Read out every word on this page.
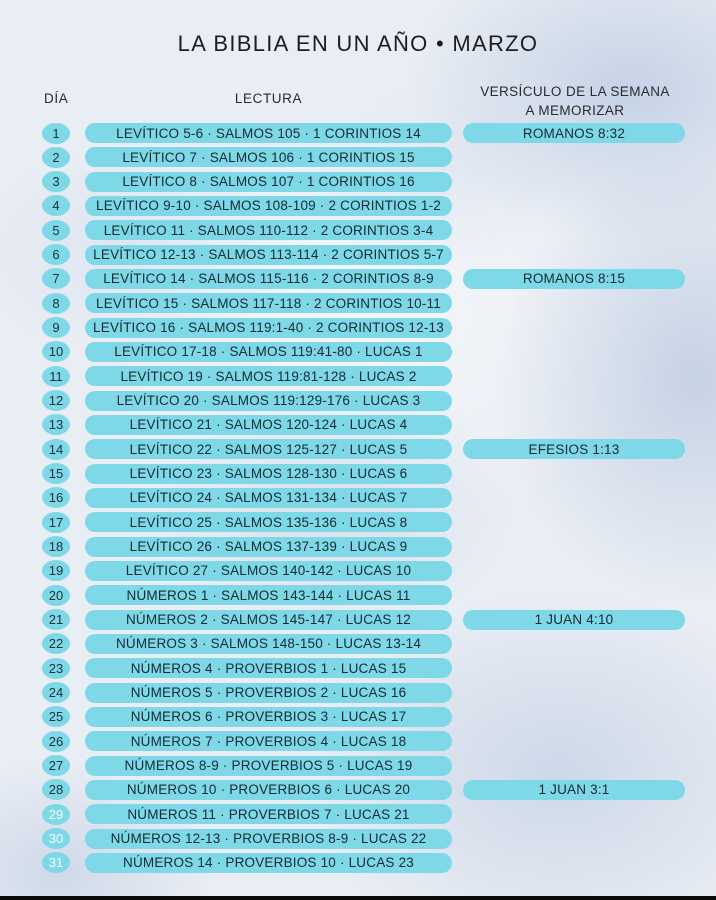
LA BIBLIA EN UN AÑO • MARZO
DÍA	LECTURA	VERSÍCULO DE LA SEMANA
A MEMORIZAR
1	LEVÍTICO 5-6 · SALMOS 105 · 1 CORINTIOS 14	ROMANOS 8:32
2	LEVÍTICO 7 · SALMOS 106 · 1 CORINTIOS 15
3	LEVÍTICO 8 · SALMOS 107 · 1 CORINTIOS 16
4	LEVÍTICO 9-10 · SALMOS 108-109 · 2 CORINTIOS 1-2
5	LEVÍTICO 11 · SALMOS 110-112 · 2 CORINTIOS 3-4
6	LEVÍTICO 12-13 · SALMOS 113-114 · 2 CORINTIOS 5-7
7	LEVÍTICO 14 · SALMOS 115-116 · 2 CORINTIOS 8-9	ROMANOS 8:15
8	LEVÍTICO 15 · SALMOS 117-118 · 2 CORINTIOS 10-11
9	LEVÍTICO 16 · SALMOS 119:1-40 · 2 CORINTIOS 12-13
10	LEVÍTICO 17-18 · SALMOS 119:41-80 · LUCAS 1
11	LEVÍTICO 19 · SALMOS 119:81-128 · LUCAS 2
12	LEVÍTICO 20 · SALMOS 119:129-176 · LUCAS 3
13	LEVÍTICO 21 · SALMOS 120-124 · LUCAS 4
14	LEVÍTICO 22 · SALMOS 125-127 · LUCAS 5	EFESIOS 1:13
15	LEVÍTICO 23 · SALMOS 128-130 · LUCAS 6
16	LEVÍTICO 24 · SALMOS 131-134 · LUCAS 7
17	LEVÍTICO 25 · SALMOS 135-136 · LUCAS 8
18	LEVÍTICO 26 · SALMOS 137-139 · LUCAS 9
19	LEVÍTICO 27 · SALMOS 140-142 · LUCAS 10
20	NÚMEROS 1 · SALMOS 143-144 · LUCAS 11
21	NÚMEROS 2 · SALMOS 145-147 · LUCAS 12	1 JUAN 4:10
22	NÚMEROS 3 · SALMOS 148-150 · LUCAS 13-14
23	NÚMEROS 4 · PROVERBIOS 1 · LUCAS 15
24	NÚMEROS 5 · PROVERBIOS 2 · LUCAS 16
25	NÚMEROS 6 · PROVERBIOS 3 · LUCAS 17
26	NÚMEROS 7 · PROVERBIOS 4 · LUCAS 18
27	NÚMEROS 8-9 · PROVERBIOS 5 · LUCAS 19
28	NÚMEROS 10 · PROVERBIOS 6 · LUCAS 20	1 JUAN 3:1
29	NÚMEROS 11 · PROVERBIOS 7 · LUCAS 21
30	NÚMEROS 12-13 · PROVERBIOS 8-9 · LUCAS 22
31	NÚMEROS 14 · PROVERBIOS 10 · LUCAS 23
